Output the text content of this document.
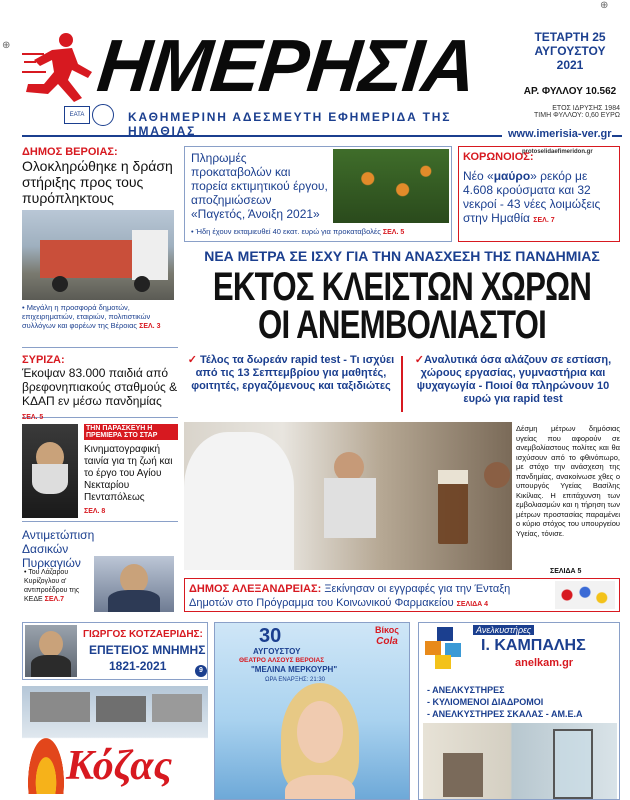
⊕
⊕
ΗΜΕΡΗΣΙΑ	ΤΕΤΑΡΤΗ 25
ΑΥΓΟΥΣΤΟΥ 2021
ΑΡ. ΦΥΛΛΟΥ 10.562
ΕΤΟΣ ΙΔΡΥΣΗΣ 1984
ΤΙΜΗ ΦΥΛΛΟΥ: 0,60 ΕΥΡΩ
ΕΑΤΑ	ΚΑΘΗΜΕΡΙΝΗ ΑΔΕΣΜΕΥΤΗ ΕΦΗΜΕΡΙΔΑ ΤΗΣ
www.imerisia-ver.gr
ΔΗΜΟΣ ΒΕΡΟΙΑΣ:
Ολοκληρώθηκε η δράση στήριξης προς τους πυρόπληκτους
• Μεγάλη η προσφορά δημοτών, επιχειρηματιών, εταιριών, πολιτιστικών συλλόγων και φορέων της Βέροιας ΣΕΛ. 3
ΣΥΡΙΖΑ:
Έκοψαν 83.000 παιδιά από βρεφονηπιακούς σταθμούς & ΚΔΑΠ εν μέσω πανδημίας ΣΕΛ. 5
ΤΗΝ ΠΑΡΑΣΚΕΥΗ Η ΠΡΕΜΙΕΡΑ ΣΤΟ ΣΤΑΡ
Κινηματογραφική ταινία για τη ζωή και το έργο του Αγίου Νεκταρίου Πενταπόλεως
ΣΕΛ. 8
Αντιμετώπιση Δασικών Πυρκαγιών
• Του Λάζαρου Κυρίζογλου α' αντιπροέδρου της ΚΕΔΕ ΣΕΛ.7
Πληρωμές προκαταβολών και πορεία εκτιμητικού έργου, αποζημιώσεων «Παγετός, Άνοιξη 2021»
• Ήδη έχουν εκταμιευθεί 40 εκατ. ευρώ για προκαταβολές ΣΕΛ. 5
protoselidaefimeridon.gr
ΚΟΡΩΝΟΙΟΣ:
Νέο «μαύρο» ρεκόρ με 4.608 κρούσματα και 32 νεκροί - 43 νέες λοιμώξεις στην Ημαθία ΣΕΛ. 7
ΝΕΑ ΜΕΤΡΑ ΣΕ ΙΣΧΥ ΓΙΑ ΤΗΝ ΑΝΑΣΧΕΣΗ ΤΗΣ ΠΑΝΔΗΜΙΑΣ
ΕΚΤΟΣ ΚΛΕΙΣΤΩΝ ΧΩΡΩΝ
ΟΙ ΑΝΕΜΒΟΛΙΑΣΤΟΙ
✓ Τέλος τα δωρεάν rapid test - Τι ισχύει από τις 13 Σεπτεμβρίου για μαθητές, φοιτητές, εργαζόμενους και ταξιδιώτες
✓Αναλυτικά όσα αλάζουν σε εστίαση, χώρους εργασίας, γυμναστήρια και ψυχαγωγία - Ποιοί θα πληρώνουν 10 ευρώ για rapid test
Δέσμη μέτρων δημόσιας υγείας που αφορούν σε ανεμβολίαστους πολίτες και θα ισχύσουν από το φθινόπωρο, με στόχο την ανάσχεση της πανδημίας, ανακοίνωσε χθες ο υπουργός Υγείας Βασίλης Κικίλιας. Η επιτάχυνση των εμβολιασμών και η τήρηση των μέτρων προστασίας παραμένει ο κύριο στόχος του υπουργείου Υγείας, τόνισε.
ΣΕΛΙΔΑ 5
ΔΗΜΟΣ ΑΛΕΞΑΝΔΡΕΙΑΣ: Ξεκίνησαν οι εγγραφές για την Ένταξη Δημοτών στο Πρόγραμμα του Κοινωνικού Φαρμακείου ΣΕΛΙΔΑ 4
ΓΙΩΡΓΟΣ ΚΟΤΖΑΕΡΙΔΗΣ:
ΕΠΕΤΕΙΟΣ ΜΝΗΜΗΣ
1821-2021	9
Κόζας
30
ΑΥΓΟΥΣΤΟΥ
ΘΕΑΤΡΟ ΑΛΣΟΥΣ ΒΕΡΟΙΑΣ
"ΜΕΛΙΝΑ ΜΕΡΚΟΥΡΗ"
ΩΡΑ ΕΝΑΡΞΗΣ: 21:30
Βίκος
Cola
Ανελκυστήρες
Ι. ΚΑΜΠΑΛΗΣ
anelkam.gr
- ΑΝΕΛΚΥΣΤΗΡΕΣ
- ΚΥΛΙΟΜΕΝΟΙ ΔΙΑΔΡΟΜΟΙ
- ΑΝΕΛΚΥΣΤΗΡΕΣ ΣΚΑΛΑΣ - ΑΜ.Ε.Α
